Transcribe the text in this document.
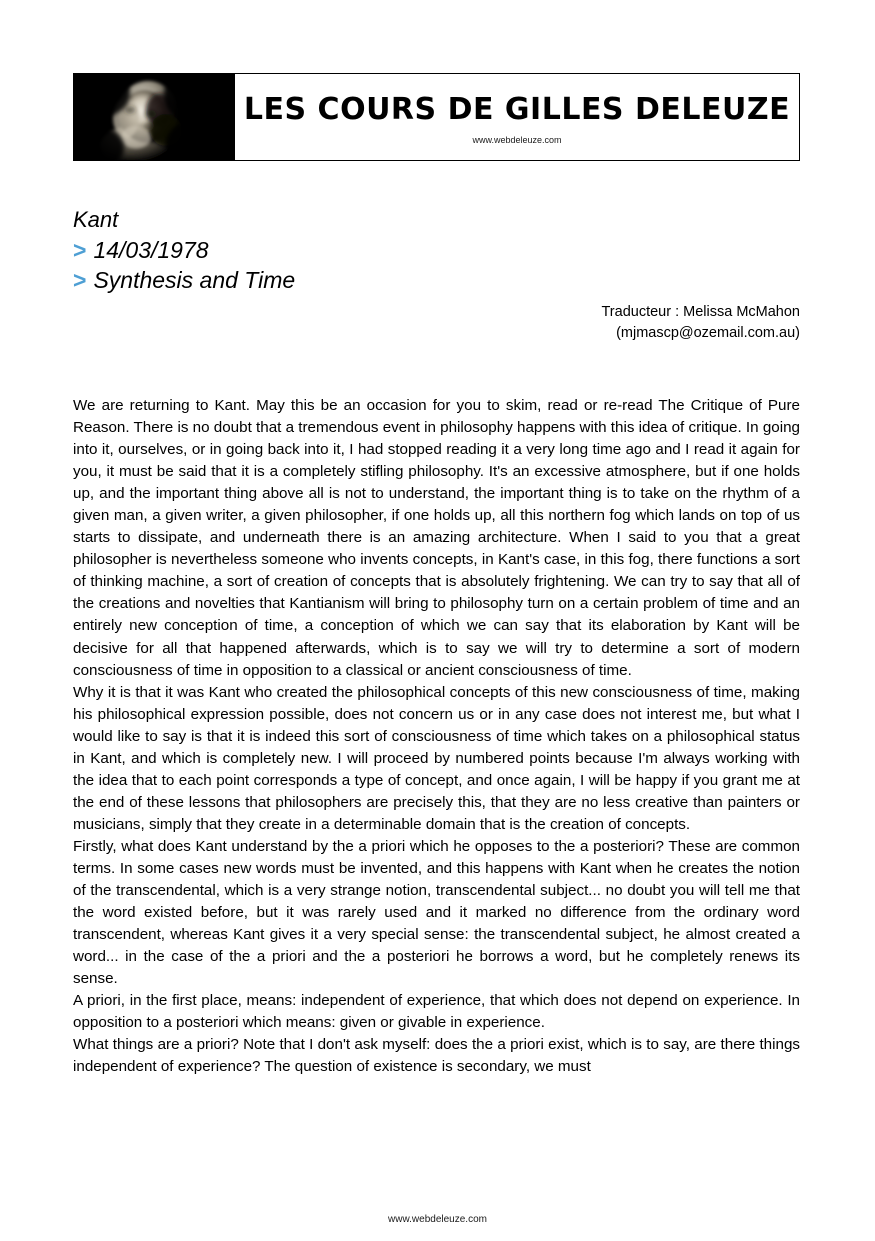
LES COURS DE GILLES DELEUZE
www.webdeleuze.com
Kant
> 14/03/1978
> Synthesis and Time
Traducteur : Melissa McMahon
(mjmascp@ozemail.com.au)

We are returning to Kant. May this be an occasion for you to skim, read or re-read The Critique of Pure Reason. There is no doubt that a tremendous event in philosophy happens with this idea of critique. In going into it, ourselves, or in going back into it, I had stopped reading it a very long time ago and I read it again for you, it must be said that it is a completely stifling philosophy. It's an excessive atmosphere, but if one holds up, and the important thing above all is not to understand, the important thing is to take on the rhythm of a given man, a given writer, a given philosopher, if one holds up, all this northern fog which lands on top of us starts to dissipate, and underneath there is an amazing architecture. When I said to you that a great philosopher is nevertheless someone who invents concepts, in Kant's case, in this fog, there functions a sort of thinking machine, a sort of creation of concepts that is absolutely frightening. We can try to say that all of the creations and novelties that Kantianism will bring to philosophy turn on a certain problem of time and an entirely new conception of time, a conception of which we can say that its elaboration by Kant will be decisive for all that happened afterwards, which is to say we will try to determine a sort of modern consciousness of time in opposition to a classical or ancient consciousness of time.

Why it is that it was Kant who created the philosophical concepts of this new consciousness of time, making his philosophical expression possible, does not concern us or in any case does not interest me, but what I would like to say is that it is indeed this sort of consciousness of time which takes on a philosophical status in Kant, and which is completely new. I will proceed by numbered points because I'm always working with the idea that to each point corresponds a type of concept, and once again, I will be happy if you grant me at the end of these lessons that philosophers are precisely this, that they are no less creative than painters or musicians, simply that they create in a determinable domain that is the creation of concepts.

Firstly, what does Kant understand by the a priori which he opposes to the a posteriori? These are common terms. In some cases new words must be invented, and this happens with Kant when he creates the notion of the transcendental, which is a very strange notion, transcendental subject... no doubt you will tell me that the word existed before, but it was rarely used and it marked no difference from the ordinary word transcendent, whereas Kant gives it a very special sense: the transcendental subject, he almost created a word... in the case of the a priori and the a posteriori he borrows a word, but he completely renews its sense.

A priori, in the first place, means: independent of experience, that which does not depend on experience. In opposition to a posteriori which means: given or givable in experience.

What things are a priori? Note that I don't ask myself: does the a priori exist, which is to say, are there things independent of experience? The question of existence is secondary, we must

www.webdeleuze.com
